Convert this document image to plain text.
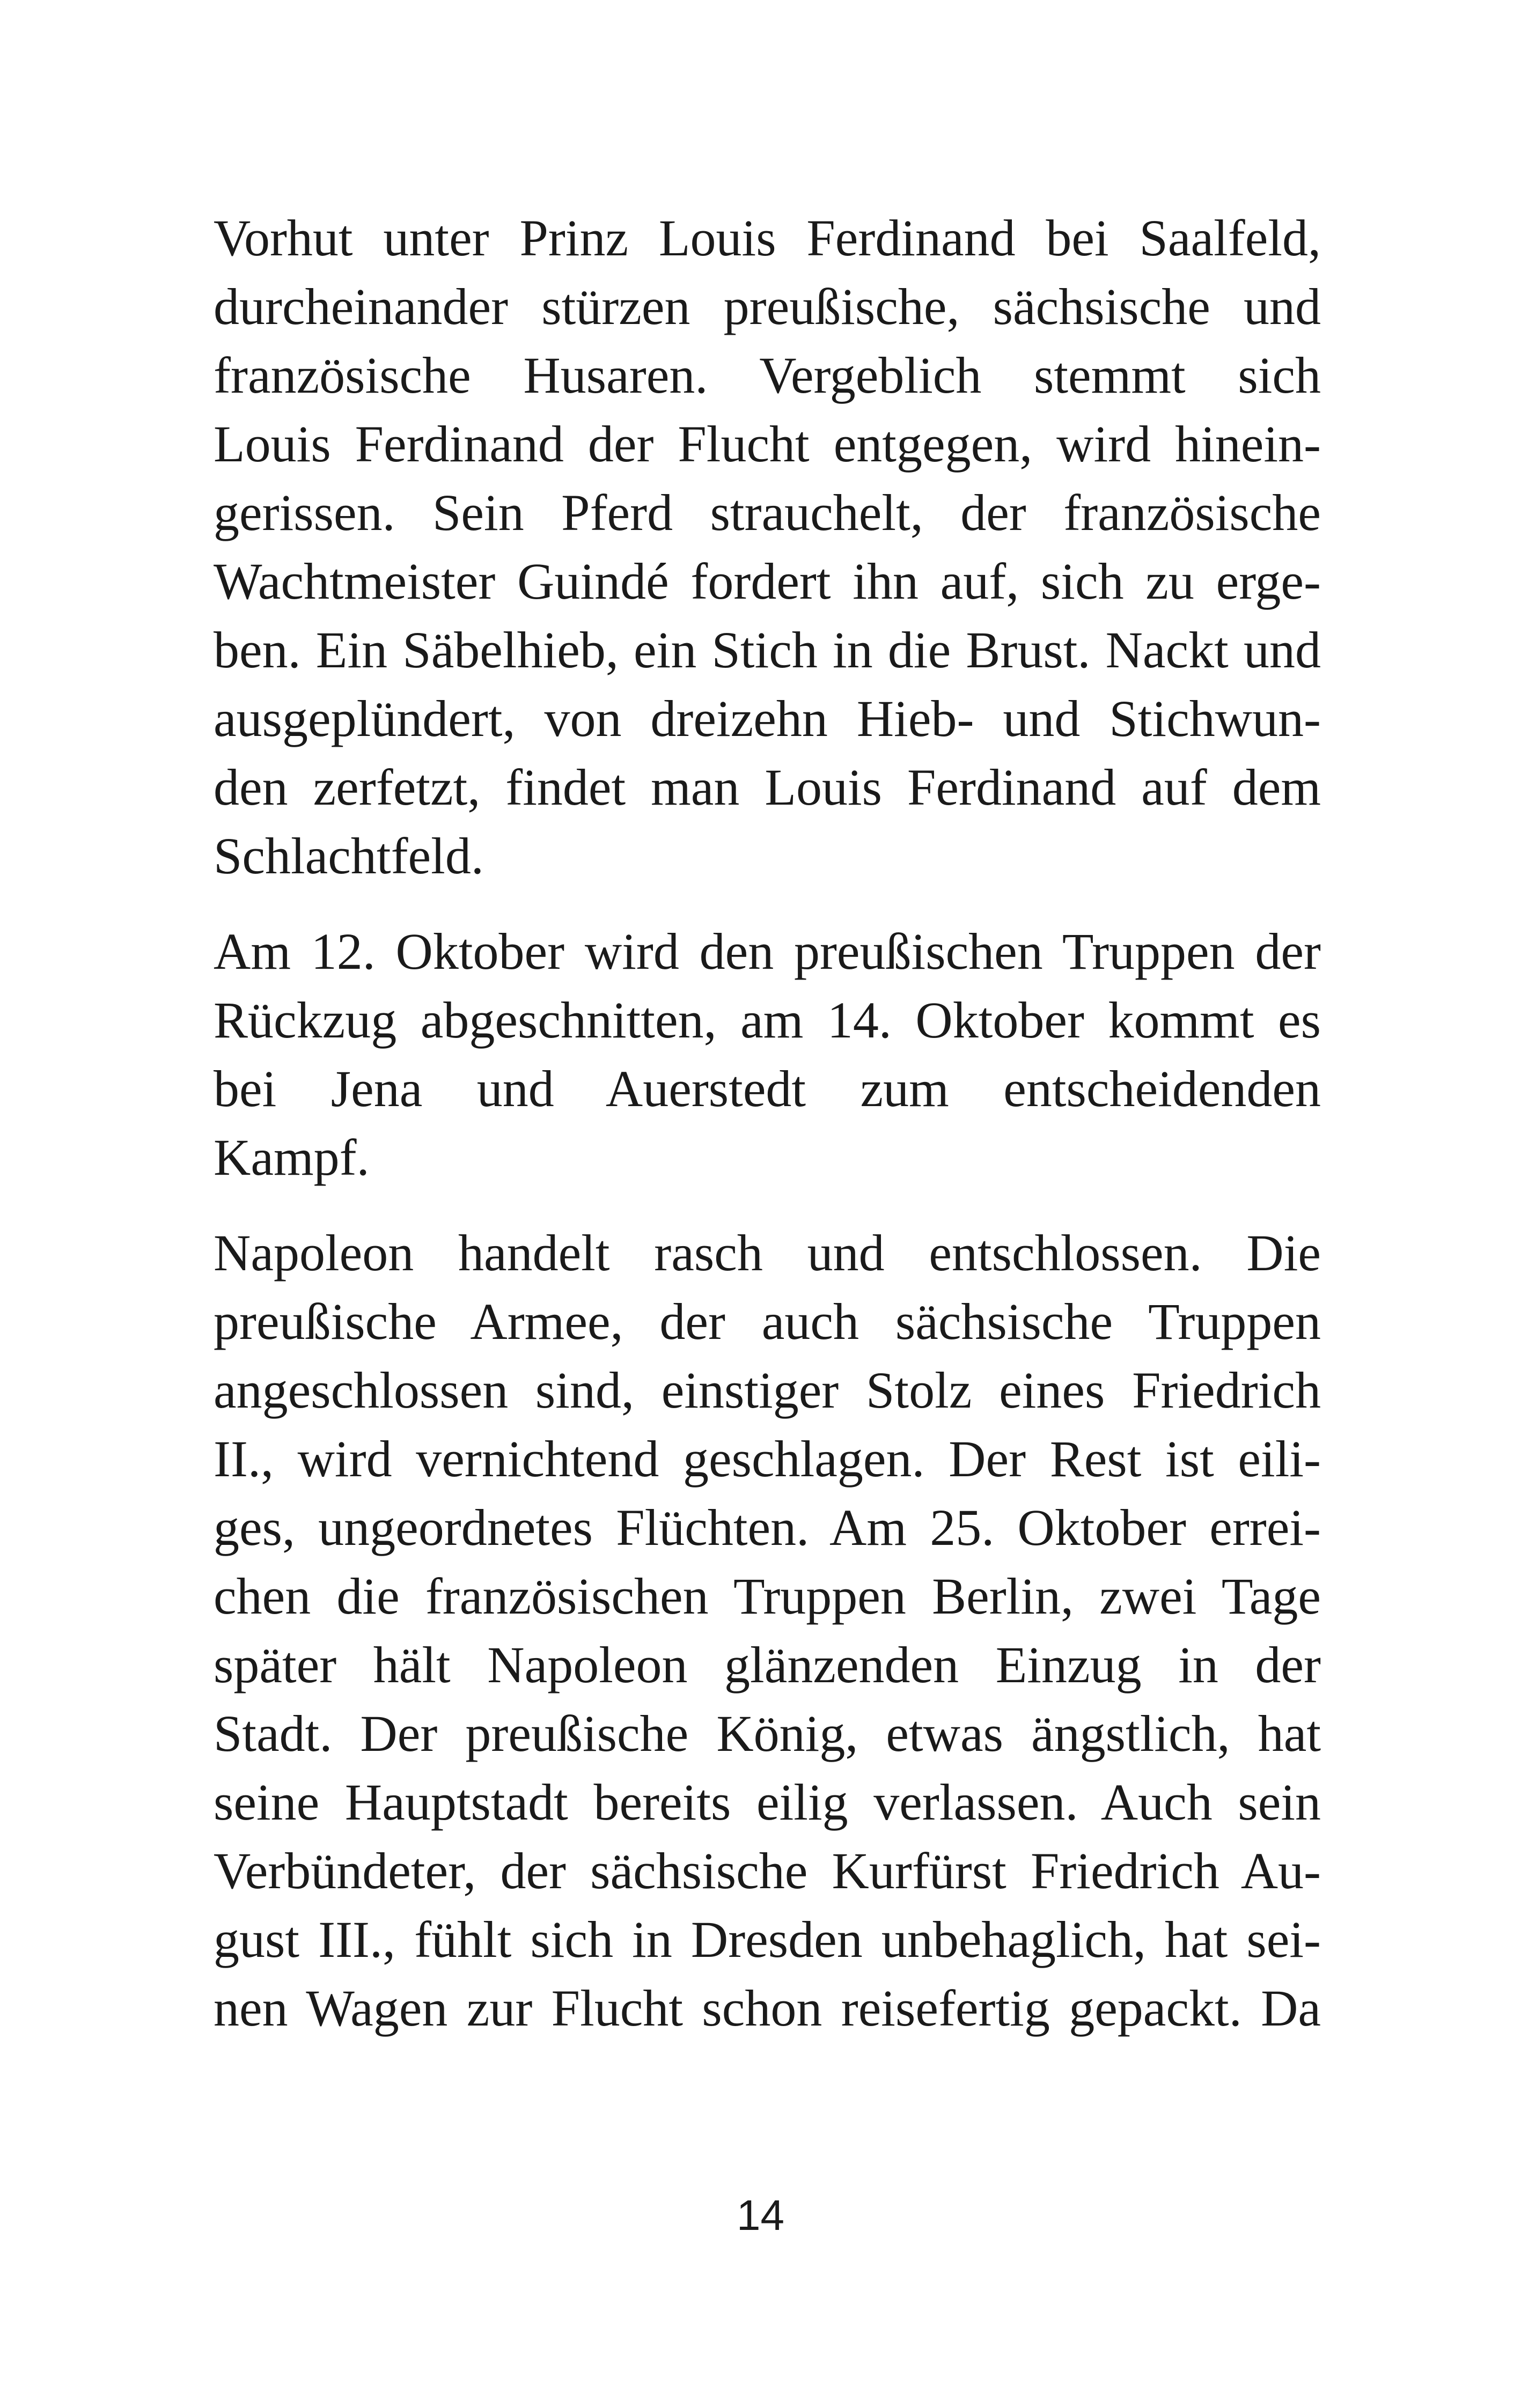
Vorhut unter Prinz Louis Ferdinand bei Saalfeld,
durcheinander stürzen preußische, sächsische und
französische Husaren. Vergeblich stemmt sich
Louis Ferdinand der Flucht entgegen, wird hinein-
gerissen. Sein Pferd strauchelt, der französische
Wachtmeister Guindé fordert ihn auf, sich zu erge-
ben. Ein Säbelhieb, ein Stich in die Brust. Nackt und
ausgeplündert, von dreizehn Hieb- und Stichwun-
den zerfetzt, findet man Louis Ferdinand auf dem
Schlachtfeld.

Am 12. Oktober wird den preußischen Truppen der
Rückzug abgeschnitten, am 14. Oktober kommt es
bei Jena und Auerstedt zum entscheidenden
Kampf.

Napoleon handelt rasch und entschlossen. Die
preußische Armee, der auch sächsische Truppen
angeschlossen sind, einstiger Stolz eines Friedrich
II., wird vernichtend geschlagen. Der Rest ist eili-
ges, ungeordnetes Flüchten. Am 25. Oktober errei-
chen die französischen Truppen Berlin, zwei Tage
später hält Napoleon glänzenden Einzug in der
Stadt. Der preußische König, etwas ängstlich, hat
seine Hauptstadt bereits eilig verlassen. Auch sein
Verbündeter, der sächsische Kurfürst Friedrich Au-
gust III., fühlt sich in Dresden unbehaglich, hat sei-
nen Wagen zur Flucht schon reisefertig gepackt. Da

14
